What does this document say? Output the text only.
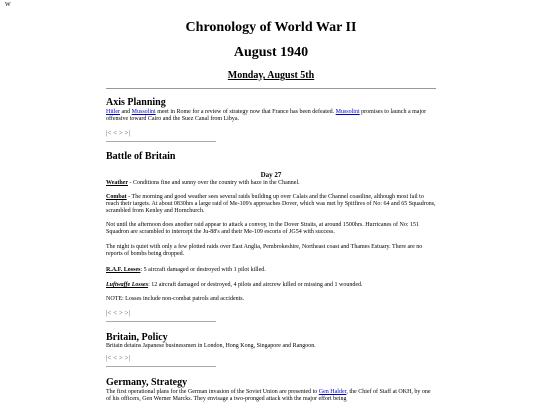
W
Chronology of World War II
August 1940
Monday, August 5th
Axis Planning

Hitler and Mussolini meet in Rome for a review of strategy now that France has been defeated. Mussolini promises to launch a major offensive toward Cairo and the Suez Canal from Libya.

|< < > >|
Battle of Britain
Day 27

Weather - Conditions fine and sunny over the country with haze in the Channel.

Combat - The morning and good weather sees several raids building up over Calais and the Channel coastline, although most fail to reach their targets. At about 0830hrs a large raid of Me-109's approaches Dover, which was met by Spitfires of No: 64 and 65 Squadrons, scrambled from Kenley and Hornchurch.

Not until the afternoon does another raid appear to attack a convoy, in the Dover Straits, at around 1500hrs. Hurricanes of No: 151 Squadron are scrambled to intercept the Ju-88's and their Me-109 escorts of JG54 with success.

The night is quiet with only a few plotted raids over East Anglia, Pembrokeshire, Northeast coast and Thames Estuary. There are no reports of bombs being dropped.

R.A.F. Losses: 5 aircraft damaged or destroyed with 1 pilot killed.

Luftwaffe Losses: 12 aircraft damaged or destroyed, 4 pilots and aircrew killed or missing and 1 wounded.

NOTE: Losses include non-combat patrols and accidents.

|< < > >|
Britain, Policy

Britain detains Japanese businessmen in London, Hong Kong, Singapore and Rangoon.

|< < > >|
Germany, Strategy

The first operational plans for the German invasion of the Soviet Union are presented to Gen Halder, the Chief of Staff at OKH, by one of his officers, Gen Werner Marcks. They envisage a two-pronged attack with the major effort being
